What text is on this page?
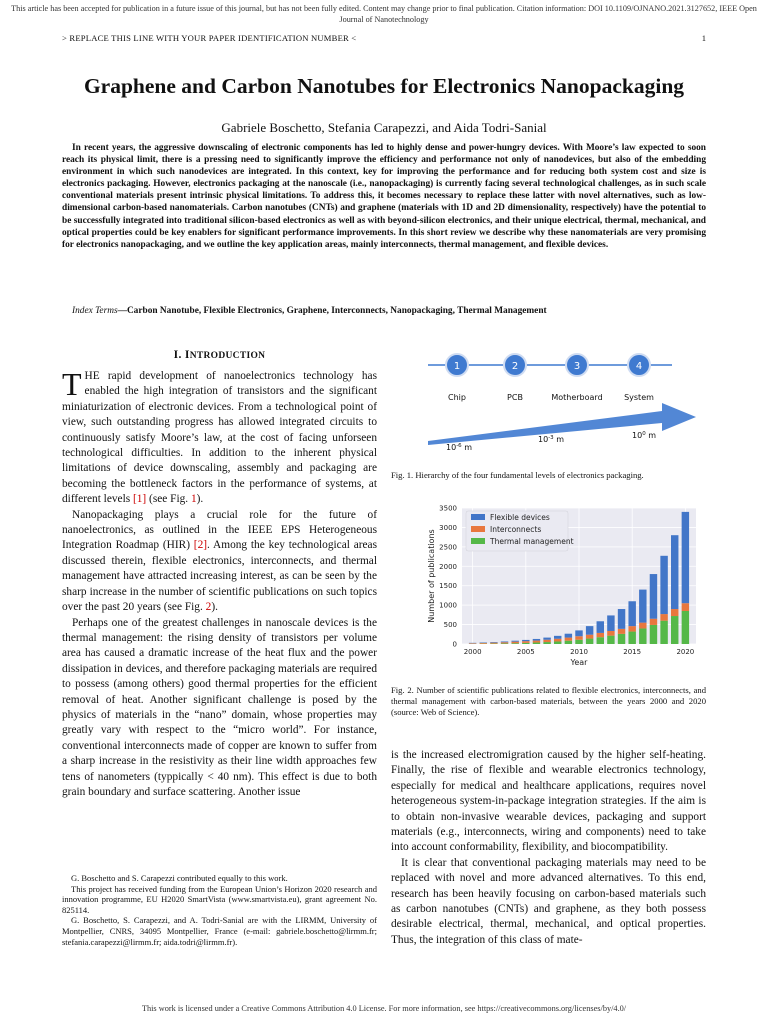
This article has been accepted for publication in a future issue of this journal, but has not been fully edited. Content may change prior to final publication. Citation information: DOI 10.1109/OJNANO.2021.3127652, IEEE Open
Journal of Nanotechnology
> REPLACE THIS LINE WITH YOUR PAPER IDENTIFICATION NUMBER <	1
Graphene and Carbon Nanotubes for Electronics Nanopackaging
Gabriele Boschetto, Stefania Carapezzi, and Aida Todri-Sanial

In recent years, the aggressive downscaling of electronic components has led to highly dense and power-hungry devices. With Moore’s law expected to soon reach its physical limit, there is a pressing need to significantly improve the efficiency and performance not only of nanodevices, but also of the embedding environment in which such nanodevices are integrated. In this context, key for improving the performance and for reducing both system cost and size is electronics packaging. However, electronics packaging at the nanoscale (i.e., nanopackaging) is currently facing several technological challenges, as in such scale conventional materials present intrinsic physical limitations. To address this, it becomes necessary to replace these latter with novel alternatives, such as low-dimensional carbon-based nanomaterials. Carbon nanotubes (CNTs) and graphene (materials with 1D and 2D dimensionality, respectively) have the potential to be successfully integrated into traditional silicon-based electronics as well as with beyond-silicon electronics, and their unique electrical, thermal, mechanical, and optical properties could be key enablers for significant performance improvements. In this short review we describe why these nanomaterials are very promising for electronics nanopackaging, and we outline the key application areas, mainly interconnects, thermal management, and flexible devices.

Index Terms—Carbon Nanotube, Flexible Electronics, Graphene, Interconnects, Nanopackaging, Thermal Management

I. INTRODUCTION

THE rapid development of nanoelectronics technology has enabled the high integration of transistors and the significant miniaturization of electronic devices. From a technological point of view, such outstanding progress has allowed integrated circuits to continuously satisfy Moore’s law, at the cost of facing unforseen technological difficulties. In addition to the inherent physical limitations of device downscaling, assembly and packaging are becoming the bottleneck factors in the performance of systems, at different levels [1] (see Fig. 1).

Nanopackaging plays a crucial role for the future of nanoelectronics, as outlined in the IEEE EPS Heterogeneous Integration Roadmap (HIR) [2]. Among the key technological areas discussed therein, flexible electronics, interconnects, and thermal management have attracted increasing interest, as can be seen by the sharp increase in the number of scientific publications on such topics over the past 20 years (see Fig. 2).

Perhaps one of the greatest challenges in nanoscale devices is the thermal management: the rising density of transistors per volume area has caused a dramatic increase of the heat flux and the power dissipation in devices, and therefore packaging materials are required to possess (among others) good thermal properties for the efficient removal of heat. Another significant challenge is posed by the physics of materials in the “nano” domain, whose properties may greatly vary with respect to the “micro world”. For instance, conventional interconnects made of copper are known to suffer from a sharp increase in the resistivity as their line width approaches few tens of nanometers (typpically < 40 nm). This effect is due to both grain boundary and surface scattering. Another issue

G. Boschetto and S. Carapezzi contributed equally to this work.

This project has received funding from the European Union’s Horizon 2020 research and innovation programme, EU H2020 SmartVista (www.smartvista.eu), grant agreement No. 825114.

G. Boschetto, S. Carapezzi, and A. Todri-Sanial are with the LIRMM, University of Montpellier, CNRS, 34095 Montpellier, France (e-mail: gabriele.boschetto@lirmm.fr; stefania.carapezzi@lirmm.fr; aida.todri@lirmm.fr).

1
Chip
2
PCB
3
Motherboard
4
System
$10^{-6}$ m
$10^{-3}$ m	$10^0$ m
Fig. 1. Hierarchy of the four fundamental levels of electronics packaging.
0
500
1000
1500
2000
2500
3000
3500
2000	2005	2010	2015	2020
Year
Number of publications
Flexible devices
Interconnects
Thermal management
Fig. 2. Number of scientific publications related to flexible electronics, interconnects, and thermal management with carbon-based materials, between the years 2000 and 2020 (source: Web of Science).

is the increased electromigration caused by the higher self-heating. Finally, the rise of flexible and wearable electronics technology, especially for medical and healthcare applications, requires novel heterogeneous system-in-package integration strategies. If the aim is to obtain non-invasive wearable devices, packaging and support materials (e.g., interconnects, wiring and components) need to take into account conformability, flexibility, and biocompatibility.

It is clear that conventional packaging materials may need to be replaced with novel and more advanced alternatives. To this end, research has been heavily focusing on carbon-based materials such as carbon nanotubes (CNTs) and graphene, as they both possess desirable electrical, thermal, mechanical, and optical properties. Thus, the integration of this class of mate-

This work is licensed under a Creative Commons Attribution 4.0 License. For more information, see https://creativecommons.org/licenses/by/4.0/
